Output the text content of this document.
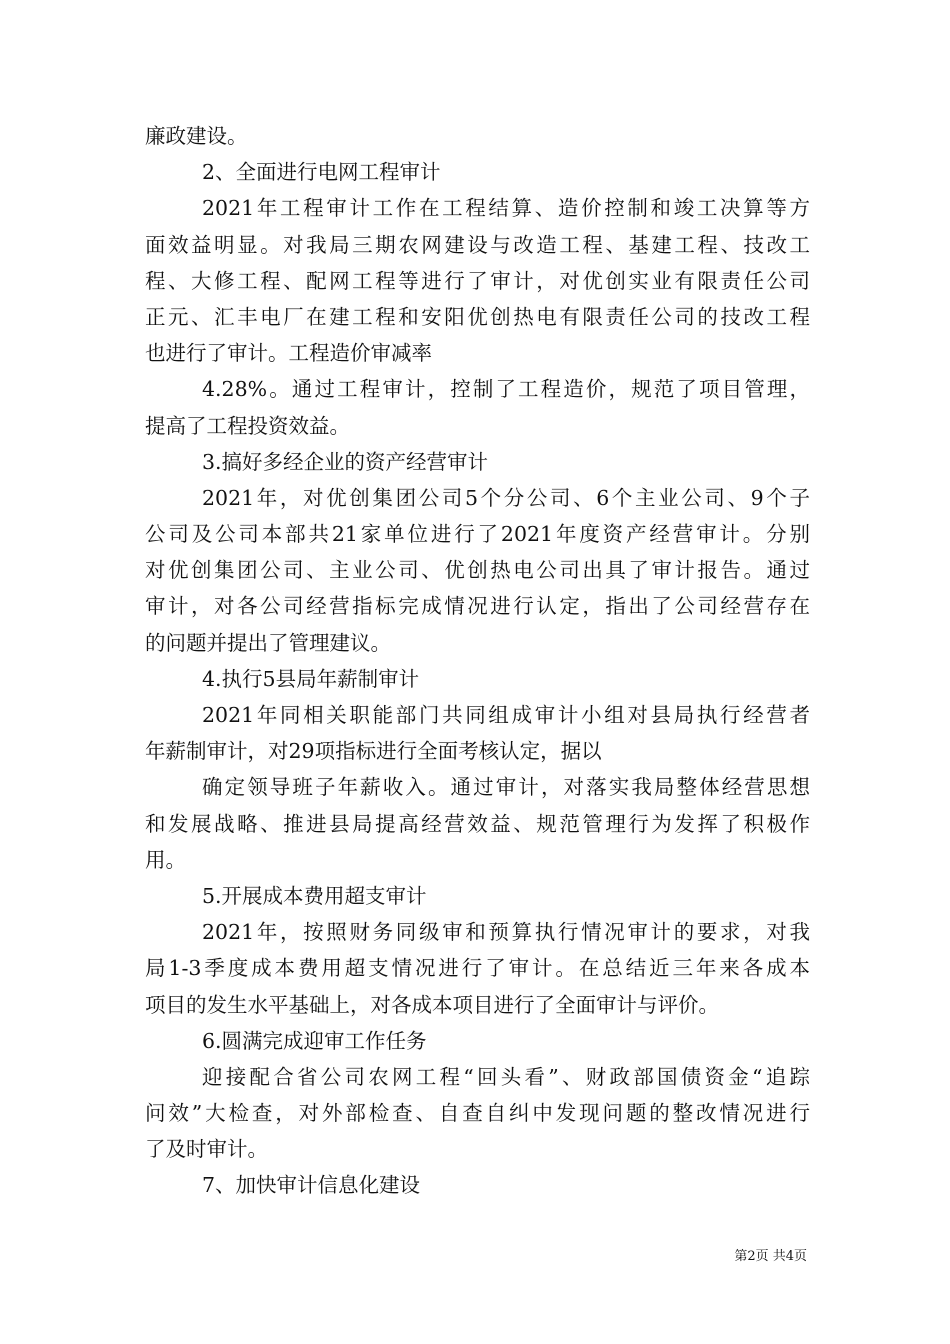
廉政建设。
2、全面进行电网工程审计
2021年工程审计工作在工程结算、造价控制和竣工决算等方
面效益明显。对我局三期农网建设与改造工程、基建工程、技改工
程、大修工程、配网工程等进行了审计，对优创实业有限责任公司
正元、汇丰电厂在建工程和安阳优创热电有限责任公司的技改工程
也进行了审计。工程造价审减率
4.28%。通过工程审计，控制了工程造价，规范了项目管理，
提高了工程投资效益。
3.搞好多经企业的资产经营审计
2021年，对优创集团公司5个分公司、6个主业公司、9个子
公司及公司本部共21家单位进行了2021年度资产经营审计。分别
对优创集团公司、主业公司、优创热电公司出具了审计报告。通过
审计，对各公司经营指标完成情况进行认定，指出了公司经营存在
的问题并提出了管理建议。
4.执行5县局年薪制审计
2021年同相关职能部门共同组成审计小组对县局执行经营者
年薪制审计，对29项指标进行全面考核认定，据以
确定领导班子年薪收入。通过审计，对落实我局整体经营思想
和发展战略、推进县局提高经营效益、规范管理行为发挥了积极作
用。
5.开展成本费用超支审计
2021年，按照财务同级审和预算执行情况审计的要求，对我
局1-3季度成本费用超支情况进行了审计。在总结近三年来各成本
项目的发生水平基础上，对各成本项目进行了全面审计与评价。
6.圆满完成迎审工作任务
迎接配合省公司农网工程“回头看”、财政部国债资金“追踪
问效”大检查，对外部检查、自查自纠中发现问题的整改情况进行
了及时审计。
7、加快审计信息化建设
第2页 共4页
